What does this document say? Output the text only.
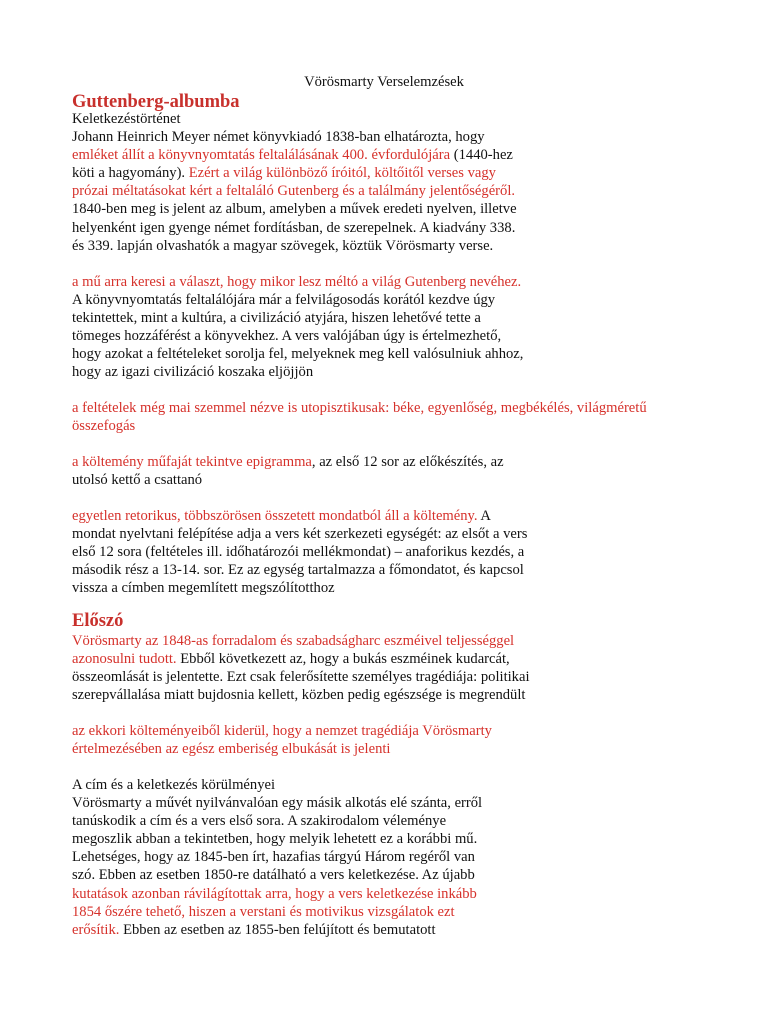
Vörösmarty Verselemzések
Guttenberg-albumba
Keletkezéstörténet
Johann Heinrich Meyer német könyvkiadó 1838-ban elhatározta, hogy
emléket állít a könyvnyomtatás feltalálásának 400. évfordulójára (1440-hez
köti a hagyomány). Ezért a világ különböző íróitól, költőitől verses vagy
prózai méltatásokat kért a feltaláló Gutenberg és a találmány jelentőségéről.
1840-ben meg is jelent az album, amelyben a művek eredeti nyelven, illetve
helyenként igen gyenge német fordításban, de szerepelnek. A kiadvány 338.
és 339. lapján olvashatók a magyar szövegek, köztük Vörösmarty verse.
a mű arra keresi a választ, hogy mikor lesz méltó a világ Gutenberg nevéhez.
A könyvnyomtatás feltalálójára már a felvilágosodás korától kezdve úgy
tekintettek, mint a kultúra, a civilizáció atyjára, hiszen lehetővé tette a
tömeges hozzáférést a könyvekhez. A vers valójában úgy is értelmezhető,
hogy azokat a feltételeket sorolja fel, melyeknek meg kell valósulniuk ahhoz,
hogy az igazi civilizáció koszaka eljöjjön
a feltételek még mai szemmel nézve is utopisztikusak: béke, egyenlőség, megbékélés, világméretű
összefogás
a költemény műfaját tekintve epigramma, az első 12 sor az előkészítés, az
utolsó kettő a csattanó
egyetlen retorikus, többszörösen összetett mondatból áll a költemény. A
mondat nyelvtani felépítése adja a vers két szerkezeti egységét: az elsőt a vers
első 12 sora (feltételes ill. időhatározói mellékmondat) – anaforikus kezdés, a
második rész a 13-14. sor. Ez az egység tartalmazza a főmondatot, és kapcsol
vissza a címben megemlített megszólítotthoz
Előszó
Vörösmarty az 1848-as forradalom és szabadságharc eszméivel teljességgel
azonosulni tudott. Ebből következett az, hogy a bukás eszméinek kudarcát,
összeomlását is jelentette. Ezt csak felerősítette személyes tragédiája: politikai
szerepvállalása miatt bujdosnia kellett, közben pedig egészsége is megrendült
az ekkori költeményeiből kiderül, hogy a nemzet tragédiája Vörösmarty
értelmezésében az egész emberiség elbukását is jelenti
A cím és a keletkezés körülményei
Vörösmarty a művét nyilvánvalóan egy másik alkotás elé szánta, erről
tanúskodik a cím és a vers első sora. A szakirodalom véleménye
megoszlik abban a tekintetben, hogy melyik lehetett ez a korábbi mű.
Lehetséges, hogy az 1845-ben írt, hazafias tárgyú Három regéről van
szó. Ebben az esetben 1850-re datálható a vers keletkezése. Az újabb
kutatások azonban rávilágítottak arra, hogy a vers keletkezése inkább
1854 őszére tehető, hiszen a verstani és motivikus vizsgálatok ezt
erősítik. Ebben az esetben az 1855-ben felújított és bemutatott
